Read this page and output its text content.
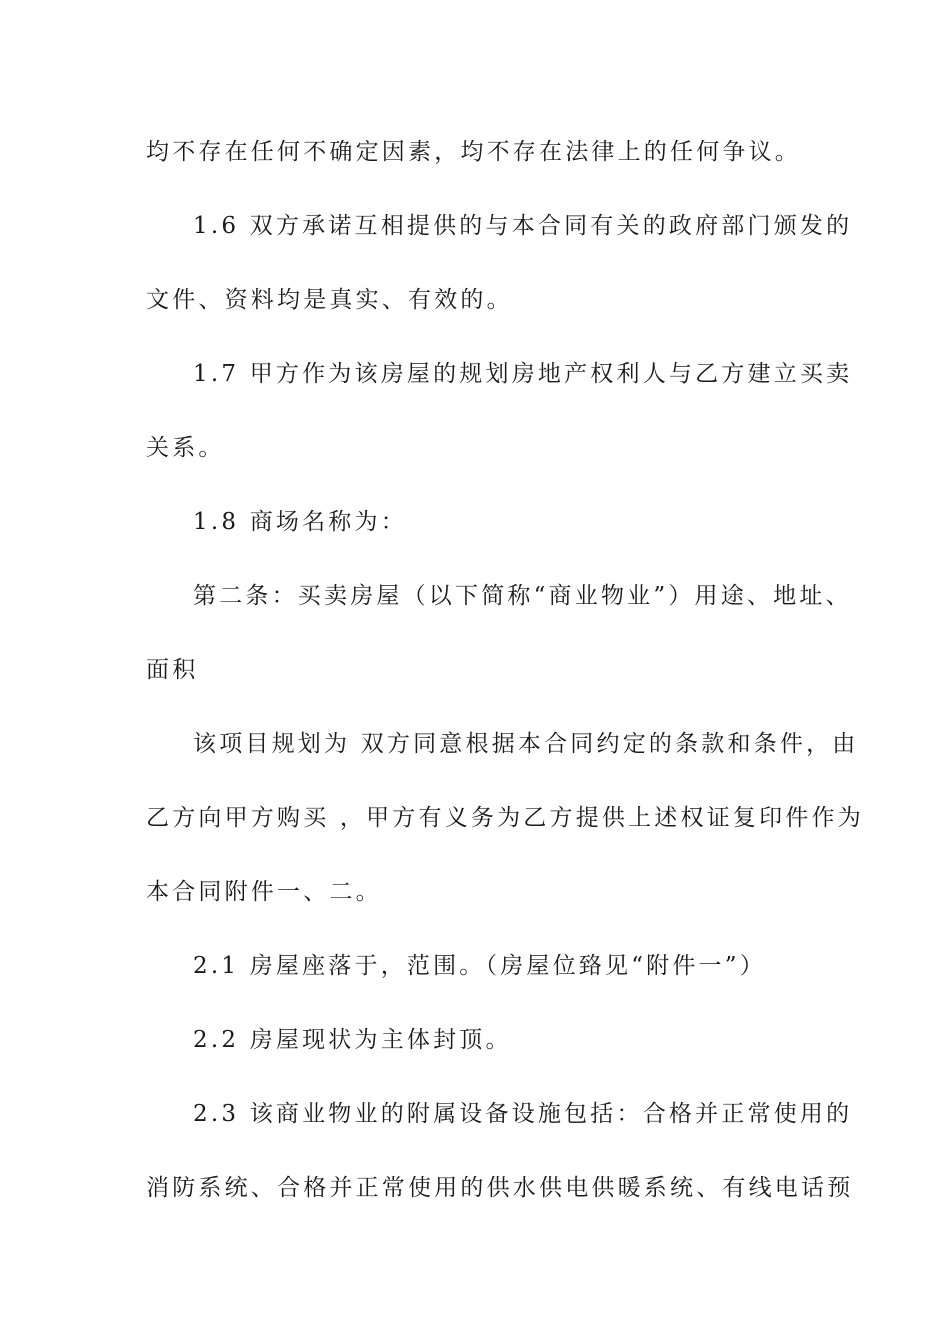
均不存在任何不确定因素，均不存在法律上的任何争议。
1.6 双方承诺互相提供的与本合同有关的政府部门颁发的
文件、资料均是真实、有效的。
1.7 甲方作为该房屋的规划房地产权利人与乙方建立买卖
关系。
1.8 商场名称为：
第二条：买卖房屋（以下简称“商业物业”）用途、地址、
面积
该项目规划为 双方同意根据本合同约定的条款和条件，由
乙方向甲方购买 ，甲方有义务为乙方提供上述权证复印件作为
本合同附件一、二。
2.1 房屋座落于，范围。（房屋位臵见“附件一”）
2.2 房屋现状为主体封顶。
2.3 该商业物业的附属设备设施包括：合格并正常使用的
消防系统、合格并正常使用的供水供电供暖系统、有线电话预
